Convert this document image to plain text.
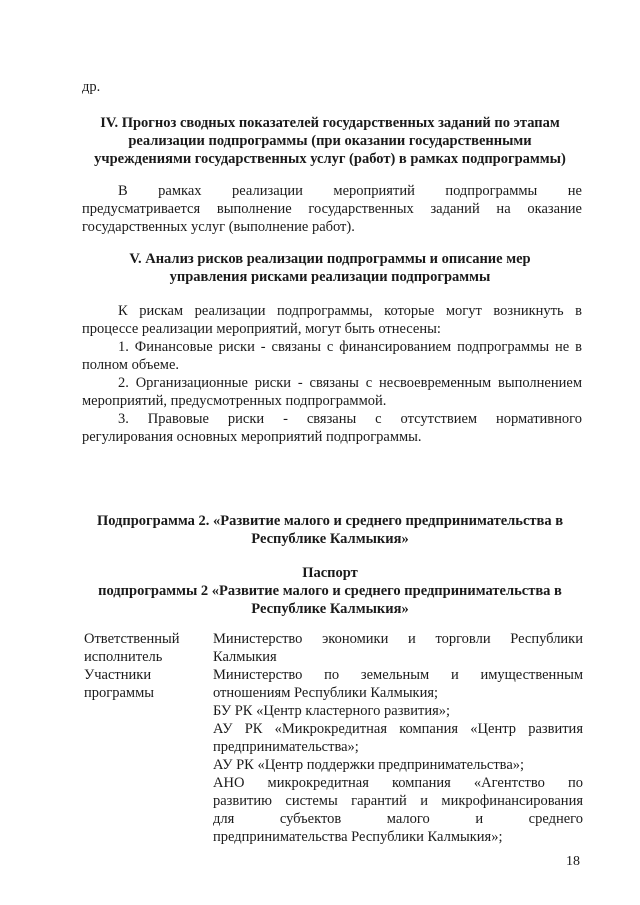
др.
IV. Прогноз сводных показателей государственных заданий по этапам
реализации подпрограммы (при оказании государственными
учреждениями государственных услуг (работ) в рамках подпрограммы)
В рамках реализации мероприятий подпрограммы не
предусматривается выполнение государственных заданий на оказание
государственных услуг (выполнение работ).
V. Анализ рисков реализации подпрограммы и описание мер
управления рисками реализации подпрограммы
К рискам реализации подпрограммы, которые могут возникнуть в
процессе реализации мероприятий, могут быть отнесены:
1. Финансовые риски - связаны с финансированием подпрограммы не в
полном объеме.
2. Организационные риски - связаны с несвоевременным выполнением
мероприятий, предусмотренных подпрограммой.
3. Правовые риски - связаны с отсутствием нормативного
регулирования основных мероприятий подпрограммы.
Подпрограмма 2. «Развитие малого и среднего предпринимательства в
Республике Калмыкия»
Паспорт
подпрограммы 2 «Развитие малого и среднего предпринимательства в
Республике Калмыкия»
Ответственный
исполнитель
Участники
программы
Министерство экономики и торговли Республики
Калмыкия
Министерство по земельным и имущественным
отношениям Республики Калмыкия;
БУ РК «Центр кластерного развития»;
АУ РК «Микрокредитная компания «Центр развития
предпринимательства»;
АУ РК «Центр поддержки предпринимательства»;
АНО микрокредитная компания «Агентство по
развитию системы гарантий и микрофинансирования
для субъектов малого и среднего
предпринимательства Республики Калмыкия»;
18
